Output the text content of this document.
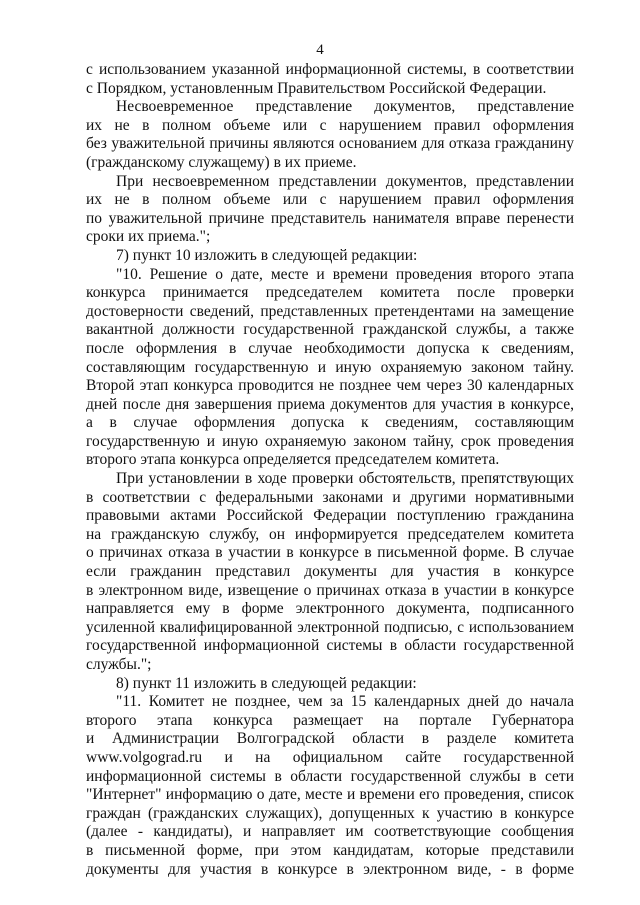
4
с использованием указанной информационной системы, в соответствии
с Порядком, установленным Правительством Российской Федерации.
Несвоевременное представление документов, представление
их не в полном объеме или с нарушением правил оформления
без уважительной причины являются основанием для отказа гражданину
(гражданскому служащему) в их приеме.
При несвоевременном представлении документов, представлении
их не в полном объеме или с нарушением правил оформления
по уважительной причине представитель нанимателя вправе перенести
сроки их приема.";
7) пункт 10 изложить в следующей редакции:
"10. Решение о дате, месте и времени проведения второго этапа
конкурса принимается председателем комитета после проверки
достоверности сведений, представленных претендентами на замещение
вакантной должности государственной гражданской службы, а также
после оформления в случае необходимости допуска к сведениям,
составляющим государственную и иную охраняемую законом тайну.
Второй этап конкурса проводится не позднее чем через 30 календарных
дней после дня завершения приема документов для участия в конкурсе,
а в случае оформления допуска к сведениям, составляющим
государственную и иную охраняемую законом тайну, срок проведения
второго этапа конкурса определяется председателем комитета.
При установлении в ходе проверки обстоятельств, препятствующих
в соответствии с федеральными законами и другими нормативными
правовыми актами Российской Федерации поступлению гражданина
на гражданскую службу, он информируется председателем комитета
о причинах отказа в участии в конкурсе в письменной форме. В случае
если гражданин представил документы для участия в конкурсе
в электронном виде, извещение о причинах отказа в участии в конкурсе
направляется ему в форме электронного документа, подписанного
усиленной квалифицированной электронной подписью, с использованием
государственной информационной системы в области государственной
службы.";
8) пункт 11 изложить в следующей редакции:
"11. Комитет не позднее, чем за 15 календарных дней до начала
второго этапа конкурса размещает на портале Губернатора
и Администрации Волгоградской области в разделе комитета
www.volgograd.ru и на официальном сайте государственной
информационной системы в области государственной службы в сети
"Интернет" информацию о дате, месте и времени его проведения, список
граждан (гражданских служащих), допущенных к участию в конкурсе
(далее - кандидаты), и направляет им соответствующие сообщения
в письменной форме, при этом кандидатам, которые представили
документы для участия в конкурсе в электронном виде, - в форме
